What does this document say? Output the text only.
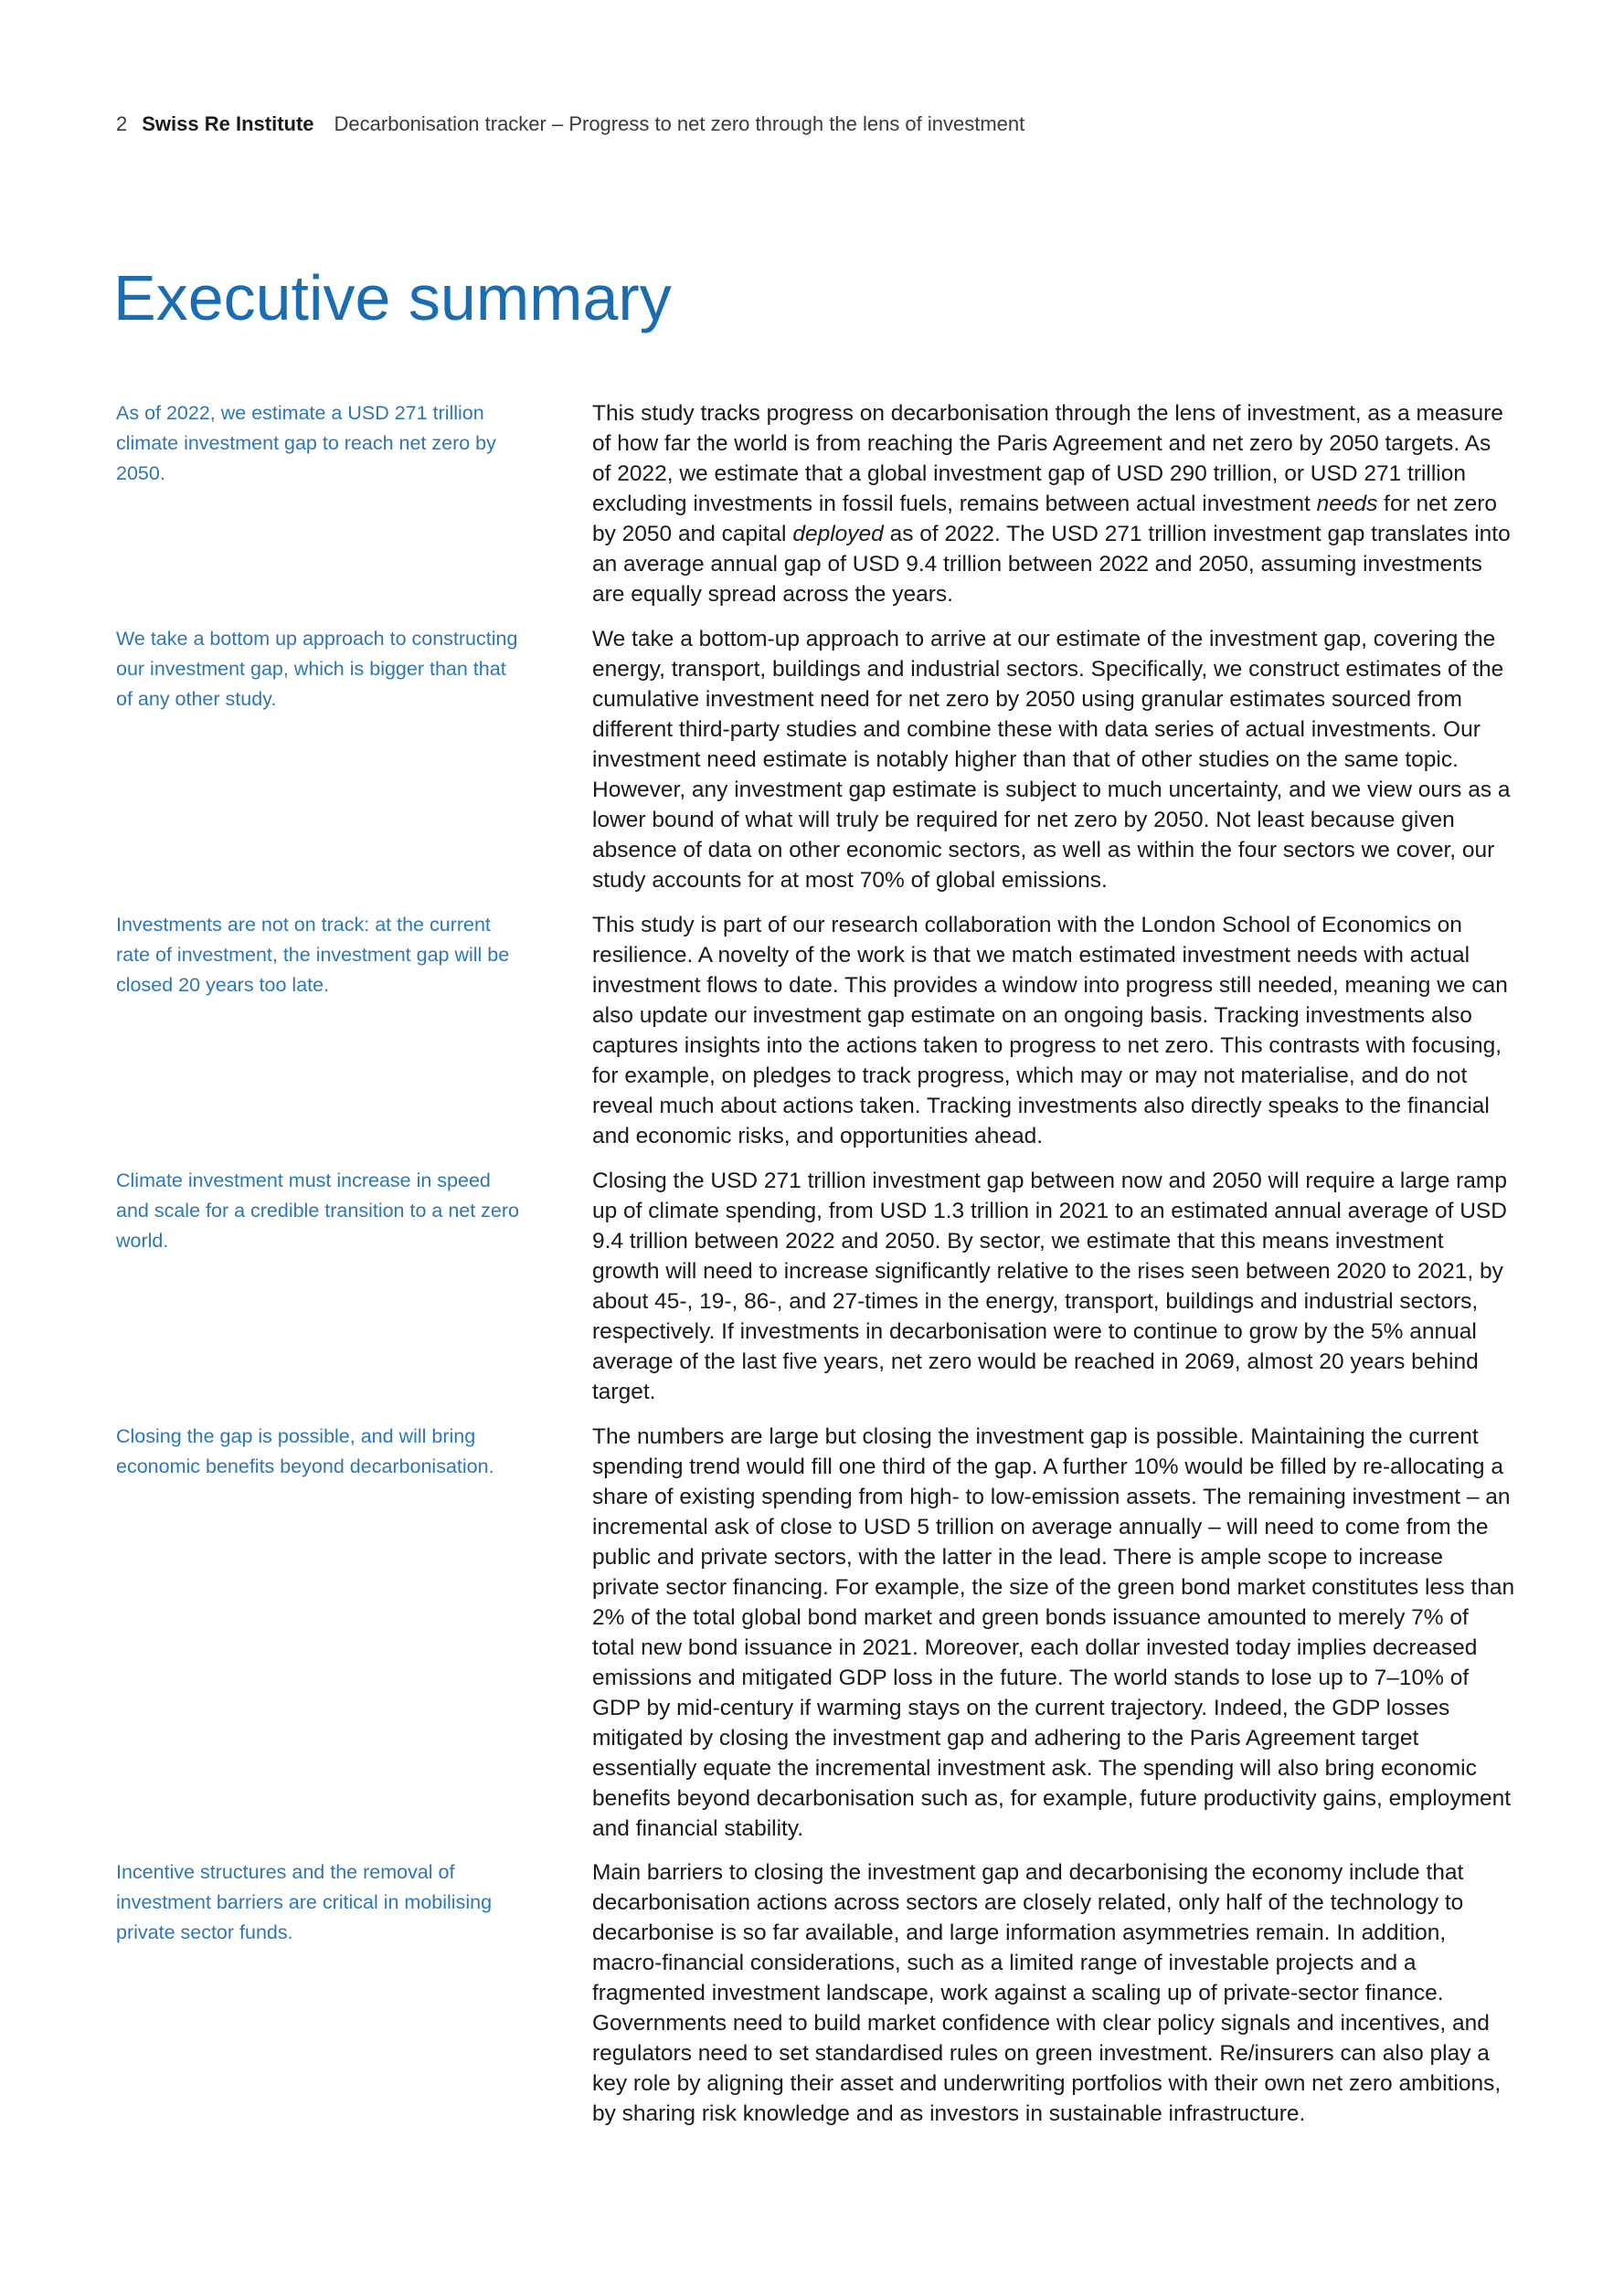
2 Swiss Re Institute Decarbonisation tracker – Progress to net zero through the lens of investment
Executive summary

As of 2022, we estimate a USD 271 trillion climate investment gap to reach net zero by 2050.

This study tracks progress on decarbonisation through the lens of investment, as a measure of how far the world is from reaching the Paris Agreement and net zero by 2050 targets. As of 2022, we estimate that a global investment gap of USD 290 trillion, or USD 271 trillion excluding investments in fossil fuels, remains between actual investment needs for net zero by 2050 and capital deployed as of 2022. The USD 271 trillion investment gap translates into an average annual gap of USD 9.4 trillion between 2022 and 2050, assuming investments are equally spread across the years.

We take a bottom up approach to constructing our investment gap, which is bigger than that of any other study.

We take a bottom-up approach to arrive at our estimate of the investment gap, covering the energy, transport, buildings and industrial sectors. Specifically, we construct estimates of the cumulative investment need for net zero by 2050 using granular estimates sourced from different third-party studies and combine these with data series of actual investments. Our investment need estimate is notably higher than that of other studies on the same topic. However, any investment gap estimate is subject to much uncertainty, and we view ours as a lower bound of what will truly be required for net zero by 2050. Not least because given absence of data on other economic sectors, as well as within the four sectors we cover, our study accounts for at most 70% of global emissions.

Investments are not on track: at the current rate of investment, the investment gap will be closed 20 years too late.

This study is part of our research collaboration with the London School of Economics on resilience. A novelty of the work is that we match estimated investment needs with actual investment flows to date. This provides a window into progress still needed, meaning we can also update our investment gap estimate on an ongoing basis. Tracking investments also captures insights into the actions taken to progress to net zero. This contrasts with focusing, for example, on pledges to track progress, which may or may not materialise, and do not reveal much about actions taken. Tracking investments also directly speaks to the financial and economic risks, and opportunities ahead.

Climate investment must increase in speed and scale for a credible transition to a net zero world.

Closing the USD 271 trillion investment gap between now and 2050 will require a large ramp up of climate spending, from USD 1.3 trillion in 2021 to an estimated annual average of USD 9.4 trillion between 2022 and 2050. By sector, we estimate that this means investment growth will need to increase significantly relative to the rises seen between 2020 to 2021, by about 45-, 19-, 86-, and 27-times in the energy, transport, buildings and industrial sectors, respectively. If investments in decarbonisation were to continue to grow by the 5% annual average of the last five years, net zero would be reached in 2069, almost 20 years behind target.

Closing the gap is possible, and will bring economic benefits beyond decarbonisation.

The numbers are large but closing the investment gap is possible. Maintaining the current spending trend would fill one third of the gap. A further 10% would be filled by re-allocating a share of existing spending from high- to low-emission assets. The remaining investment – an incremental ask of close to USD 5 trillion on average annually – will need to come from the public and private sectors, with the latter in the lead. There is ample scope to increase private sector financing. For example, the size of the green bond market constitutes less than 2% of the total global bond market and green bonds issuance amounted to merely 7% of total new bond issuance in 2021. Moreover, each dollar invested today implies decreased emissions and mitigated GDP loss in the future. The world stands to lose up to 7–10% of GDP by mid-century if warming stays on the current trajectory. Indeed, the GDP losses mitigated by closing the investment gap and adhering to the Paris Agreement target essentially equate the incremental investment ask. The spending will also bring economic benefits beyond decarbonisation such as, for example, future productivity gains, employment and financial stability.

Incentive structures and the removal of investment barriers are critical in mobilising private sector funds.

Main barriers to closing the investment gap and decarbonising the economy include that decarbonisation actions across sectors are closely related, only half of the technology to decarbonise is so far available, and large information asymmetries remain. In addition, macro-financial considerations, such as a limited range of investable projects and a fragmented investment landscape, work against a scaling up of private-sector finance. Governments need to build market confidence with clear policy signals and incentives, and regulators need to set standardised rules on green investment. Re/insurers can also play a key role by aligning their asset and underwriting portfolios with their own net zero ambitions, by sharing risk knowledge and as investors in sustainable infrastructure.
